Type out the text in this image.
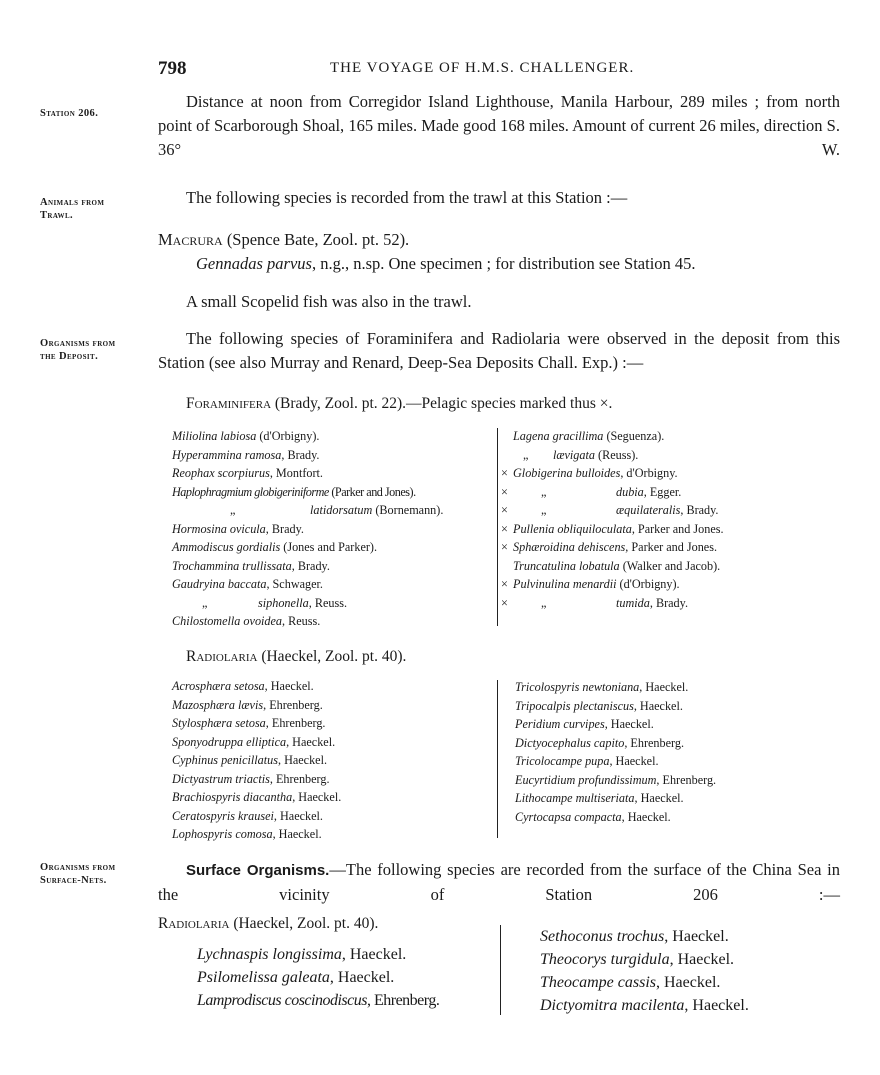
798	THE VOYAGE OF H.M.S. CHALLENGER.
Station 206.
Distance at noon from Corregidor Island Lighthouse, Manila Harbour, 289 miles ; from north point of Scarborough Shoal, 165 miles. Made good 168 miles. Amount of current 26 miles, direction S. 36° W.
Animals from
Trawl.
The following species is recorded from the trawl at this Station :—
Macrura (Spence Bate, Zool. pt. 52).
Gennadas parvus, n.g., n.sp. One specimen ; for distribution see Station 45.
A small Scopelid fish was also in the trawl.
Organisms from
the Deposit.
The following species of Foraminifera and Radiolaria were observed in the deposit from this Station (see also Murray and Renard, Deep-Sea Deposits Chall. Exp.) :—
Foraminifera (Brady, Zool. pt. 22).—Pelagic species marked thus ×.
Miliolina labiosa (d'Orbigny).
Hyperammina ramosa, Brady.
Reophax scorpiurus, Montfort.
Haplophragmium globigeriniforme (Parker and Jones).
„	latidorsatum (Bornemann).
Hormosina ovicula, Brady.
Ammodiscus gordialis (Jones and Parker).
Trochammina trullissata, Brady.
Gaudryina baccata, Schwager.
„	siphonella, Reuss.
Chilostomella ovoidea, Reuss.
Lagena gracillima (Seguenza).
„ lævigata (Reuss).
× Globigerina bulloides, d'Orbigny.
×	„	dubia, Egger.
×	„	æquilateralis, Brady.
× Pullenia obliquiloculata, Parker and Jones.
× Sphæroidina dehiscens, Parker and Jones.
Truncatulina lobatula (Walker and Jacob).
× Pulvinulina menardii (d'Orbigny).
×	„	tumida, Brady.
Radiolaria (Haeckel, Zool. pt. 40).
Acrosphæra setosa, Haeckel.
Mazosphæra lævis, Ehrenberg.
Stylosphæra setosa, Ehrenberg.
Sponyodruppa elliptica, Haeckel.
Cyphinus penicillatus, Haeckel.
Dictyastrum triactis, Ehrenberg.
Brachiospyris diacantha, Haeckel.
Ceratospyris krausei, Haeckel.
Lophospyris comosa, Haeckel.
Tricolospyris newtoniana, Haeckel.
Tripocalpis plectaniscus, Haeckel.
Peridium curvipes, Haeckel.
Dictyocephalus capito, Ehrenberg.
Tricolocampe pupa, Haeckel.
Eucyrtidium profundissimum, Ehrenberg.
Lithocampe multiseriata, Haeckel.
Cyrtocapsa compacta, Haeckel.
Organisms from
Surface-Nets.
Surface Organisms.—The following species are recorded from the surface of the China Sea in the vicinity of Station 206 :—
Radiolaria (Haeckel, Zool. pt. 40).
Lychnaspis longissima, Haeckel.
Psilomelissa galeata, Haeckel.
Lamprodiscus coscinodiscus, Ehrenberg.
Sethoconus trochus, Haeckel.
Theocorys turgidula, Haeckel.
Theocampe cassis, Haeckel.
Dictyomitra macilenta, Haeckel.
